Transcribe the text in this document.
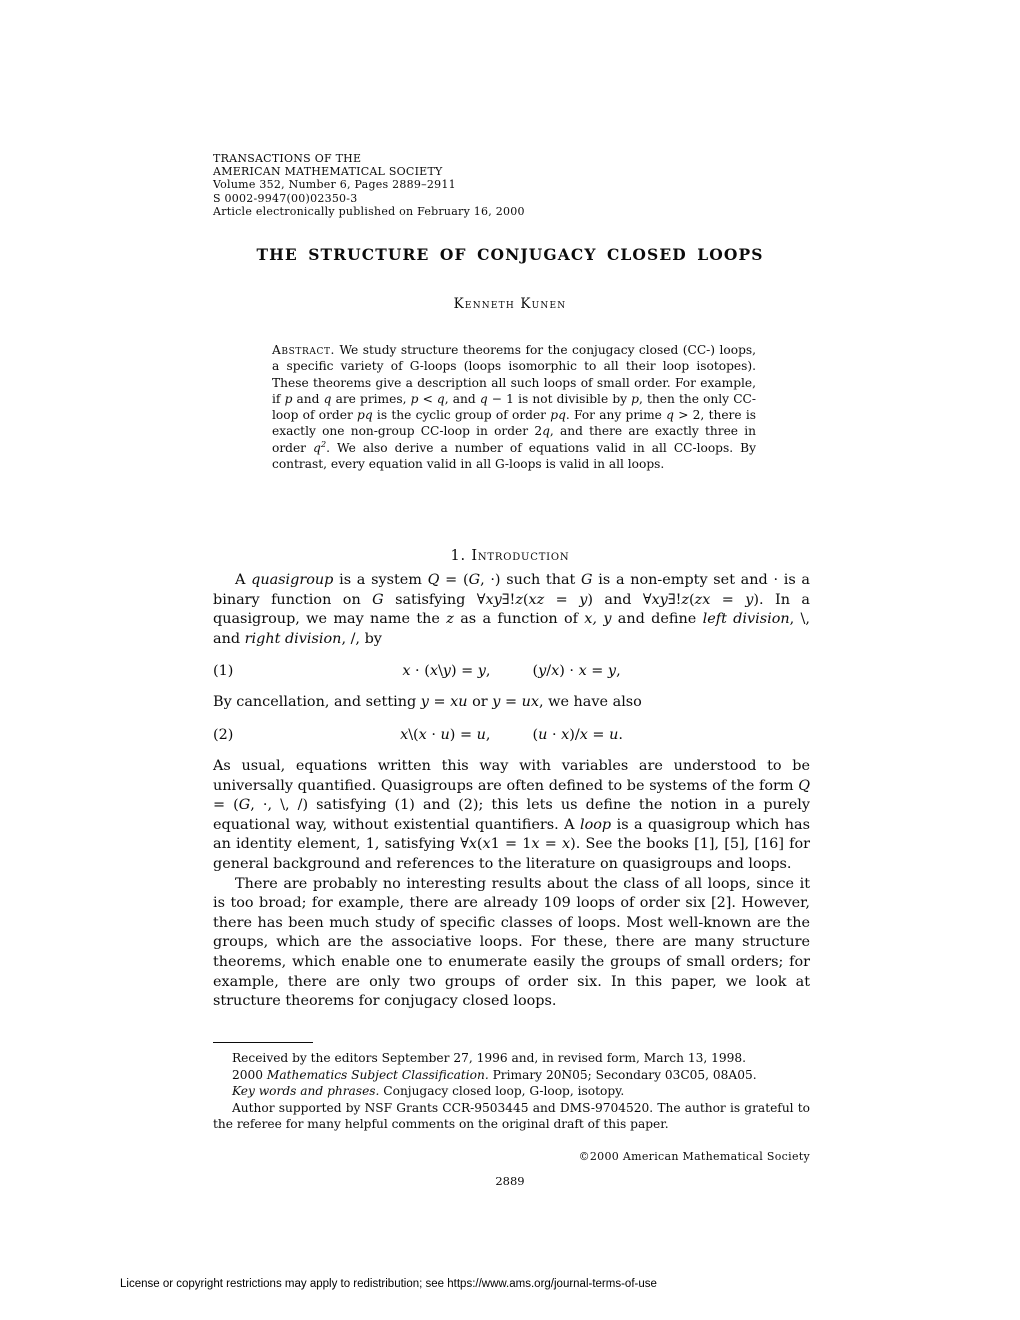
TRANSACTIONS OF THE
AMERICAN MATHEMATICAL SOCIETY
Volume 352, Number 6, Pages 2889–2911
S 0002-9947(00)02350-3
Article electronically published on February 16, 2000
THE STRUCTURE OF CONJUGACY CLOSED LOOPS
Kenneth Kunen
Abstract. We study structure theorems for the conjugacy closed (CC-) loops, a specific variety of G-loops (loops isomorphic to all their loop isotopes). These theorems give a description all such loops of small order. For example, if p and q are primes, p < q, and q − 1 is not divisible by p, then the only CC-loop of order pq is the cyclic group of order pq. For any prime q > 2, there is exactly one non-group CC-loop in order 2q, and there are exactly three in order $q^2$. We also derive a number of equations valid in all CC-loops. By contrast, every equation valid in all G-loops is valid in all loops.
1. Introduction

A quasigroup is a system Q = (G, ·) such that G is a non-empty set and · is a binary function on G satisfying ∀xy∃!z(xz = y) and ∀xy∃!z(zx = y). In a quasigroup, we may name the z as a function of x, y and define left division, \, and right division, /, by

(1)	x · (x\y) = y,	(y/x) · x = y,

By cancellation, and setting y = xu or y = ux, we have also

(2)	x\(x · u) = u,	(u · x)/x = u.

As usual, equations written this way with variables are understood to be universally quantified. Quasigroups are often defined to be systems of the form Q = (G, ·, \, /) satisfying (1) and (2); this lets us define the notion in a purely equational way, without existential quantifiers. A loop is a quasigroup which has an identity element, 1, satisfying ∀x(x1 = 1x = x). See the books [1], [5], [16] for general background and references to the literature on quasigroups and loops.

There are probably no interesting results about the class of all loops, since it is too broad; for example, there are already 109 loops of order six [2]. However, there has been much study of specific classes of loops. Most well-known are the groups, which are the associative loops. For these, there are many structure theorems, which enable one to enumerate easily the groups of small orders; for example, there are only two groups of order six. In this paper, we look at structure theorems for conjugacy closed loops.

Received by the editors September 27, 1996 and, in revised form, March 13, 1998.

2000 Mathematics Subject Classification. Primary 20N05; Secondary 03C05, 08A05.

Key words and phrases. Conjugacy closed loop, G-loop, isotopy.

Author supported by NSF Grants CCR-9503445 and DMS-9704520. The author is grateful to the referee for many helpful comments on the original draft of this paper.

©2000 American Mathematical Society
2889
License or copyright restrictions may apply to redistribution; see https://www.ams.org/journal-terms-of-use
